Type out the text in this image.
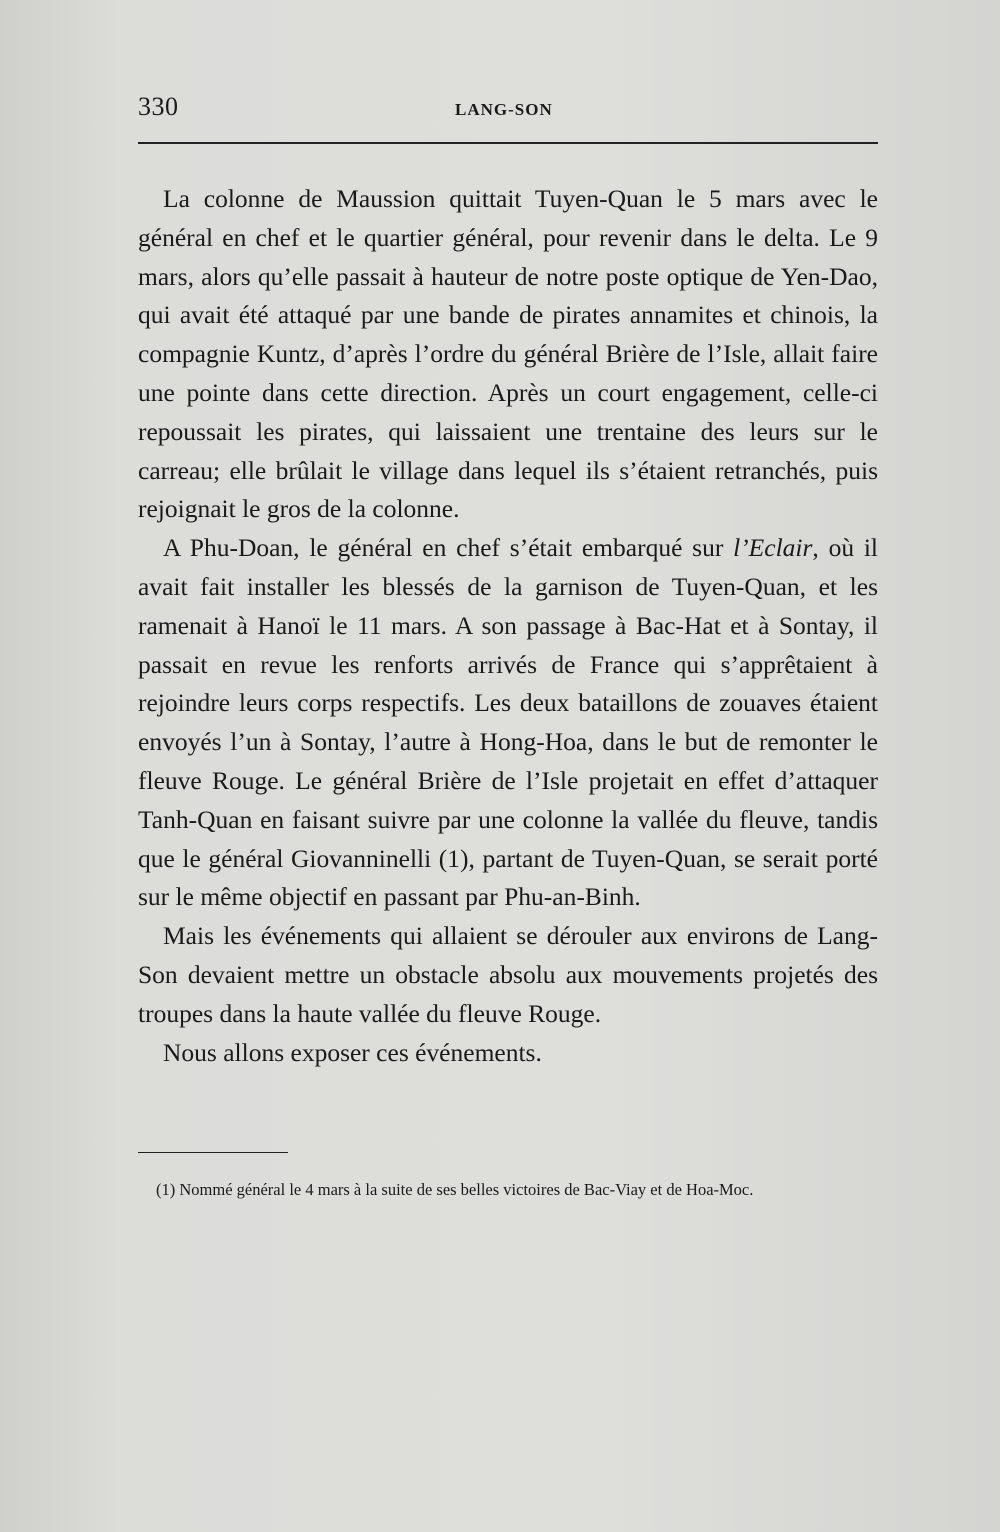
330	LANG-SON

La colonne de Maussion quittait Tuyen-Quan le 5 mars avec le général en chef et le quartier général, pour revenir dans le delta. Le 9 mars, alors qu’elle passait à hauteur de notre poste optique de Yen-Dao, qui avait été attaqué par une bande de pirates annamites et chinois, la compagnie Kuntz, d’après l’ordre du général Brière de l’Isle, allait faire une pointe dans cette direction. Après un court engagement, celle-ci repoussait les pirates, qui laissaient une trentaine des leurs sur le carreau; elle brûlait le village dans lequel ils s’étaient retranchés, puis rejoignait le gros de la colonne.

A Phu-Doan, le général en chef s’était embarqué sur l’Eclair, où il avait fait installer les blessés de la garnison de Tuyen-Quan, et les ramenait à Hanoï le 11 mars. A son passage à Bac-Hat et à Sontay, il passait en revue les renforts arrivés de France qui s’apprêtaient à rejoindre leurs corps respectifs. Les deux bataillons de zouaves étaient envoyés l’un à Sontay, l’autre à Hong-Hoa, dans le but de remonter le fleuve Rouge. Le général Brière de l’Isle projetait en effet d’attaquer Tanh-Quan en faisant suivre par une colonne la vallée du fleuve, tandis que le général Giovanninelli (1), partant de Tuyen-Quan, se serait porté sur le même objectif en passant par Phu-an-Binh.

Mais les événements qui allaient se dérouler aux environs de Lang-Son devaient mettre un obstacle absolu aux mouvements projetés des troupes dans la haute vallée du fleuve Rouge.

Nous allons exposer ces événements.

(1) Nommé général le 4 mars à la suite de ses belles victoires de Bac-Viay et de Hoa-Moc.
